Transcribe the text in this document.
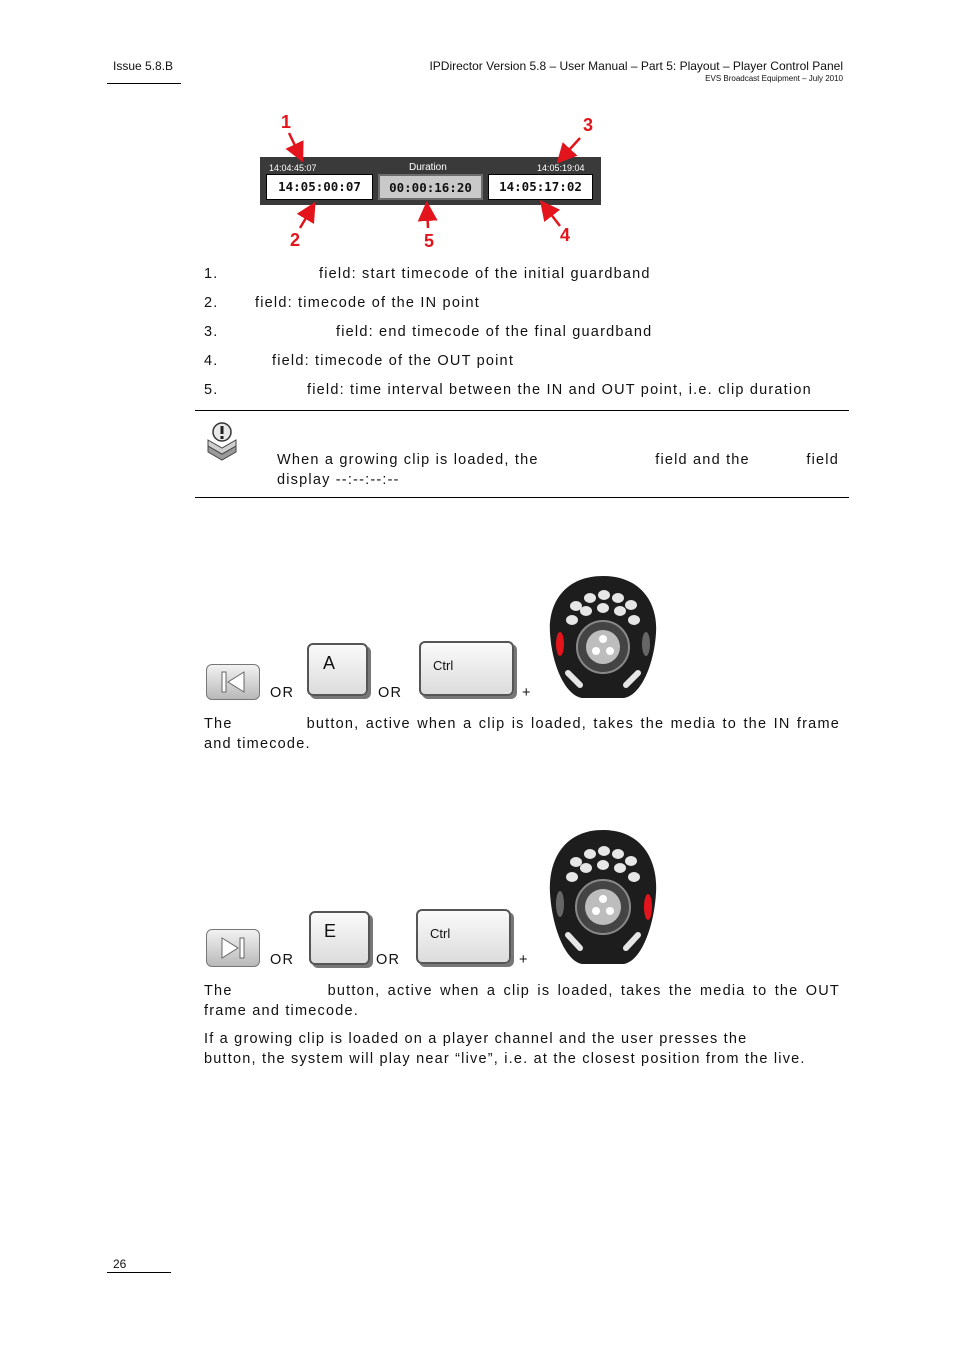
Issue 5.8.B	IPDirector Version 5.8 – User Manual – Part 5: Playout – Player Control Panel
EVS Broadcast Equipment – July 2010
14:04:45:07	Duration	14:05:19:04
14:05:00:07	00:00:16:20	14:05:17:02
1
2
3
4
5
1.	field: start timecode of the initial guardband
2.	field: timecode of the IN point
3.	field: end timecode of the final guardband
4.	field: timecode of the OUT point
5.	field: time interval between the IN and OUT point, i.e. clip duration
When a growing clip is loaded, the	field and the	field
display --:--:--:--
OR
A
OR
Ctrl
+
The	button, active when a clip is loaded, takes the media to the IN frame
and timecode.
OR
E
OR
Ctrl
+
The	button, active when a clip is loaded, takes the media to the OUT
frame and timecode.
If a growing clip is loaded on a player channel and the user presses the
button, the system will play near “live”, i.e. at the closest position from the live.
26
